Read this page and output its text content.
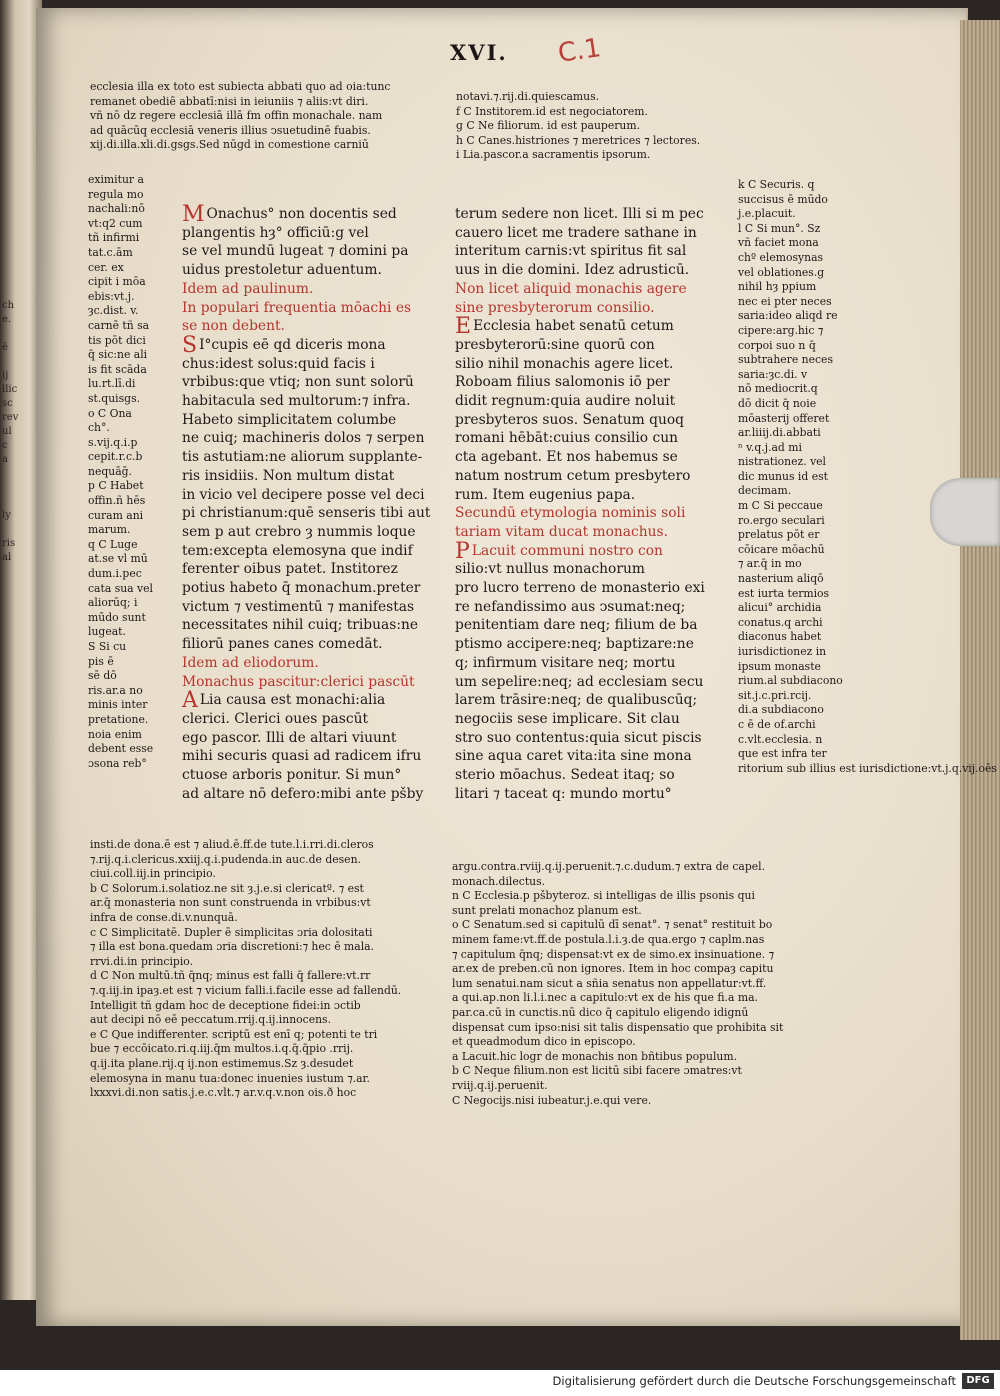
ch
e.
ē
ij
llic
sc
rev
ul
c
a
ly
ris
al
XVI. C.1
ecclesia illa ex toto est subiecta abbati quo ad oia:tunc
remanet obediē abbatī:nisi in ieiuniis ⁊ aliis:vt diri.
vñ nō dz regere ecclesiā illā fm offin monachale. nam
ad quācūq ecclesiā veneris illius ↄsuetudinē fuabis.
xij.di.illa.xli.di.gsgs.Sed nūgd in comestione carniū
notavi.⁊.rij.di.quiescamus.
f C Institorem.id est negociatorem.
g C Ne filiorum. id est pauperum.
h C Canes.histriones ⁊ meretrices ⁊ lectores.
i Lia.pascor.a sacramentis ipsorum.
eximitur a
regula mo
nachali:nō
vt:q2 cum
tñ infirmi
tat.c.ām
cer. ex
cipit i mōa
ebis:vt.j.
ȝc.dist. v.
carnē tñ sa
tis pōt dici
q̄ sic:ne ali
is fit scāda
lu.rt.lī.di
st.quisgs.
o C Ona
ch°.
s.vij.q.i.p
cepit.r.c.b
nequāḡ.
p C Habet
offin.ñ hēs
curam ani
marum.
q C Luge
at.se vl mū
dum.i.pec
cata sua vel
aliorūq; i
mūdo sunt
lugeat.
S Si cu
pis ē
sē dō
ris.ar.a no
minis inter
pretatione.
noia enim
debent esse
ɔsona reb°
M Onachus° non docentis sed
plangentis hȝ° officiū:g vel
se vel mundū lugeat ⁊ domini pa
uidus prestoletur aduentum.
Idem ad paulinum.
In populari frequentia mōachi es
se non debent.
S I°cupis eē qd diceris mona
chus:idest solus:quid facis i
vrbibus:que vtiq; non sunt solorū
habitacula sed multorum:⁊ infra.
Habeto simplicitatem columbe
ne cuiq; machineris dolos ⁊ serpen
tis astutiam:ne aliorum supplante-
ris insidiis. Non multum distat
in vicio vel decipere posse vel deci
pi christianum:quē senseris tibi aut
sem p aut crebro ȝ nummis loque
tem:excepta elemosyna que indif
ferenter oibus patet. Institorez
potius habeto q̄ monachum.preter
victum ⁊ vestimentū ⁊ manifestas
necessitates nihil cuiq; tribuas:ne
filiorū panes canes comedāt.
Idem ad eliodorum.
Monachus pascitur:clerici pascūt
A Lia causa est monachi:alia
clerici. Clerici oues pascūt
ego pascor. Illi de altari viuunt
mihi securis quasi ad radicem ifru
ctuose arboris ponitur. Si mun°
ad altare nō defero:mibi ante pšby
terum sedere non licet. Illi si m pec
cauero licet me tradere sathane in
interitum carnis:vt spiritus fit sal
uus in die domini. Idez adrusticū.
Non licet aliquid monachis agere
sine presbyterorum consilio.
E Ecclesia habet senatū cetum
presbyterorū:sine quorū con
silio nihil monachis agere licet.
Roboam filius salomonis iō per
didit regnum:quia audire noluit
presbyteros suos. Senatum quoq
romani hēbāt:cuius consilio cun
cta agebant. Et nos habemus se
natum nostrum cetum presbytero
rum. Item eugenius papa.
Secundū etymologia nominis soli
tariam vitam ducat monachus.
P Lacuit communi nostro con
silio:vt nullus monachorum
pro lucro terreno de monasterio exi
re nefandissimo aus ↄsumat:neq;
penitentiam dare neq; filium de ba
ptismo accipere:neq; baptizare:ne
q; infirmum visitare neq; mortu
um sepelire:neq; ad ecclesiam secu
larem trāsire:neq; de qualibuscūq;
negociis sese implicare. Sit clau
stro suo contentus:quia sicut piscis
sine aqua caret vita:ita sine mona
sterio mōachus. Sedeat itaq; so
litari ⁊ taceat q: mundo mortu°
k C Securis. q
succisus ē mūdo
j.e.placuit.
l C Si mun°. Sz
vñ faciet mona
chº elemosynas
vel oblationes.g
nihil hȝ ppium
nec ei pter neces
saria:ideo aliqd re
cipere:arg.hic ⁊
corpoi suo n q̄
subtrahere neces
saria:ȝc.di. v
nō mediocrit.q
dō dicit q̄ noie
mōasterij offeret
ar.liiij.di.abbati
ⁿ v.q.j.ad mi
nistrationez. vel
dic munus id est
decimam.
m C Si peccaue
ro.ergo seculari
prelatus pōt er
cōicare mōachū
⁊ ar.q̄ in mo
nasterium aliqō
est iurta termios
alicui° archidia
conatus.q archi
diaconus habet
iurisdictionez in
ipsum monaste
rium.al subdiacono
sit.j.c.pri.rcij.
di.a subdiacono
c ē de of.archi
c.vlt.ecclesia. n
que est infra ter
ritorium sub illius est iurisdictione:vt.j.q.vij.oēs
insti.de dona.ē est ⁊ aliud.ē.ff.de tute.l.i.rri.di.cleros
⁊.rij.q.i.clericus.xxiij.q.i.pudenda.in auc.de desen.
ciui.coll.iij.in principio.
b C Solorum.i.solatioz.ne sit ȝ.j.e.si clericatº. ⁊ est
ar.q̄ monasteria non sunt construenda in vrbibus:vt
infra de conse.di.v.nunquā.
c C Simplicitatē. Dupler ē simplicitas ɔria dolositati
⁊ illa est bona.quedam ɔria discretioni:⁊ hec ē mala.
rrvi.di.in principio.
d C Non multū.tñ q̄nq; minus est falli q̄ fallere:vt.rr
⁊.q.iij.in ipaȝ.et est ⁊ vicium falli.i.facile esse ad fallendū.
Intelligit tñ gdam hoc de deceptione fidei:in ɔctib
aut decipi nō eē peccatum.rrij.q.ij.innocens.
e C Que indifferenter. scriptū est enī q; potenti te tri
bue ⁊ eccōicato.ri.q.iij.q̄m multos.i.q.q̄.q̄pio .rrij.
q.ij.ita plane.rij.q ij.non estimemus.Sz ȝ.desudet
elemosyna in manu tua:donec inuenies iustum ⁊.ar.
lxxxvi.di.non satis.j.e.c.vlt.⁊ ar.v.q.v.non ois.ð hoc
argu.contra.rviij.q.ij.peruenit.⁊.c.dudum.⁊ extra de capel.
monach.dilectus.
n C Ecclesia.p pšbyteroz. si intelligas de illis psonis qui
sunt prelati monachoz planum est.
o C Senatum.sed si capitulū dī senat°. ⁊ senat° restituit bo
minem fame:vt.ff.de postula.l.i.ȝ.de qua.ergo ⁊ caplm.nas
⁊ capitulum q̄nq; dispensat:vt ex de simo.ex insinuatione. ⁊
ar.ex de preben.cū non ignores. Item in hoc compaȝ capitu
lum senatui.nam sicut a sñia senatus non appellatur:vt.ff.
a qui.ap.non li.l.i.nec a capitulo:vt ex de his que fi.a ma.
par.ca.cū in cunctis.nū dico q̄ capitulo eligendo idignū
dispensat cum ipso:nisi sit talis dispensatio que prohibita sit
et queadmodum dico in episcopo.
a Lacuit.hic logr de monachis non bñtibus populum.
b C Neque filium.non est licitū sibi facere ɔmatres:vt
rviij.q.ij.peruenit.
C Negocijs.nisi iubeatur.j.e.qui vere.
Digitalisierung gefördert durch die Deutsche Forschungsgemeinschaft	DFG
